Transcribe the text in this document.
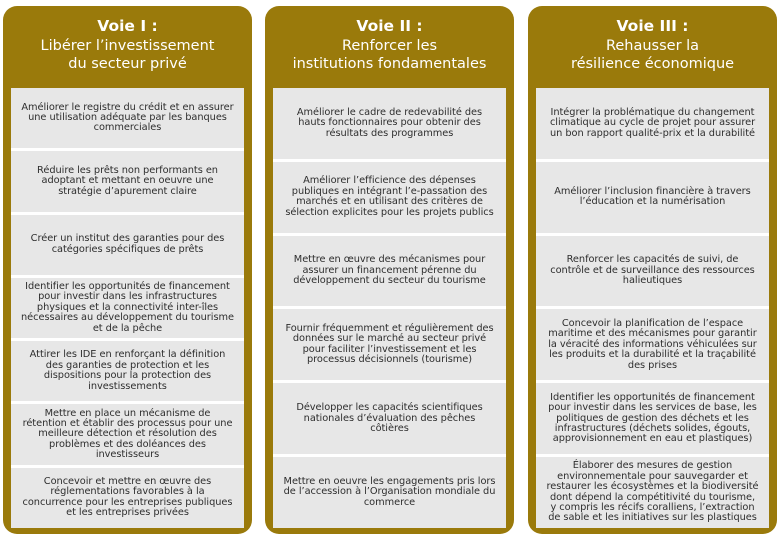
Voie I :
Libérer l’investissement
du secteur privé
Améliorer le registre du crédit et en assurer une utilisation adéquate par les banques commerciales
Réduire les prêts non performants en adoptant et mettant en oeuvre une stratégie d’apurement claire
Créer un institut des garanties pour des catégories spécifiques de prêts
Identifier les opportunités de financement pour investir dans les infrastructures physiques et la connectivité inter-îles nécessaires au développement du tourisme et de la pêche
Attirer les IDE en renforçant la définition des garanties de protection et les dispositions pour la protection des investissements
Mettre en place un mécanisme de rétention et établir des processus pour une meilleure détection et résolution des problèmes et des doléances des investisseurs
Concevoir et mettre en œuvre des réglementations favorables à la concurrence pour les entreprises publiques et les entreprises privées
Voie II :
Renforcer les
institutions fondamentales
Améliorer le cadre de redevabilité des hauts fonctionnaires pour obtenir des résultats des programmes
Améliorer l’efficience des dépenses publiques en intégrant l’e-passation des marchés et en utilisant des critères de sélection explicites pour les projets publics
Mettre en œuvre des mécanismes pour assurer un financement pérenne du développement du secteur du tourisme
Fournir fréquemment et régulièrement des données sur le marché au secteur privé pour faciliter l’investissement et les processus décisionnels (tourisme)
Développer les capacités scientifiques nationales d’évaluation des pêches côtières
Mettre en oeuvre les engagements pris lors de l’accession à l’Organisation mondiale du commerce
Voie III :
Rehausser la
résilience économique
Intégrer la problématique du changement climatique au cycle de projet pour assurer un bon rapport qualité-prix et la durabilité
Améliorer l’inclusion financière à travers l’éducation et la numérisation
Renforcer les capacités de suivi, de contrôle et de surveillance des ressources halieutiques
Concevoir la planification de l’espace maritime et des mécanismes pour garantir la véracité des informations véhiculées sur les produits et la durabilité et la traçabilité des prises
Identifier les opportunités de financement pour investir dans les services de base, les politiques de gestion des déchets et les infrastructures (déchets solides, égouts, approvisionnement en eau et plastiques)
Élaborer des mesures de gestion environnementale pour sauvegarder et restaurer les écosystèmes et la biodiversité dont dépend la compétitivité du tourisme, y compris les récifs coralliens, l’extraction de sable et les initiatives sur les plastiques
